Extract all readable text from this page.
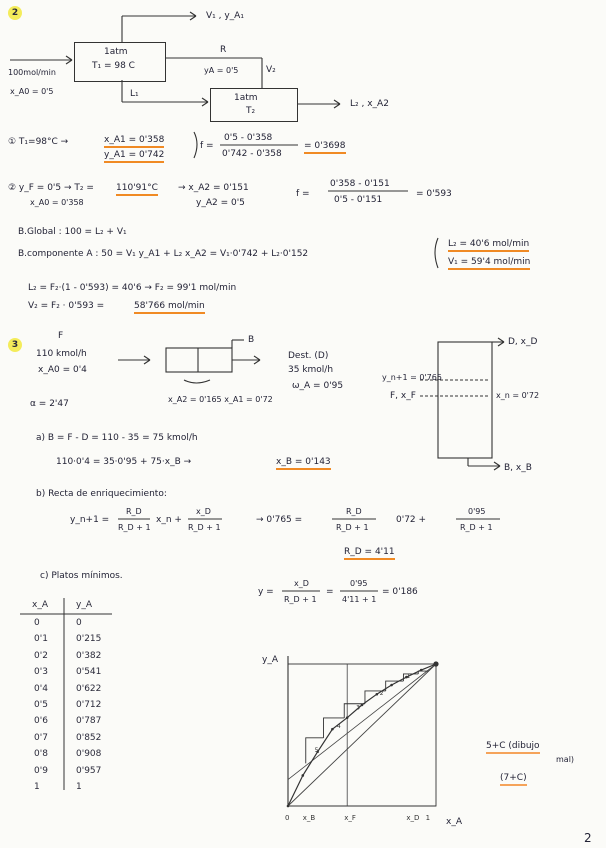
2	V₁ , y_A₁
1atm
T₁ = 98 C
100mol/min
x_A0 = 0'5
R
yA = 0'5	V₂
L₁	1atm
T₂
L₂ , x_A2
① T₁=98°C →	x_A1 = 0'358
y_A1 = 0'742
f =
0'5 - 0'358
0'742 - 0'358
= 0'3698
② y_F = 0'5 → T₂ = 110'91°C
x_A0 = 0'358
→ x_A2 = 0'151
y_A2 = 0'5
f =
0'358 - 0'151
0'5 - 0'151
= 0'593
B.Global : 100 = L₂ + V₁
B.componente A : 50 = V₁ y_A1 + L₂ x_A2 = V₁·0'742 + L₂·0'152
L₂ = 40'6 mol/min
V₁ = 59'4 mol/min
L₂ = F₂·(1 - 0'593) = 40'6 → F₂ = 99'1 mol/min
V₂ = F₂ · 0'593 =	58'766 mol/min
3
F
110 kmol/h
x_A0 = 0'4
α = 2'47
B
x_A2 = 0'165 x_A1 = 0'72
Dest. (D)
35 kmol/h
ω_A = 0'95
D, x_D
y_n+1 = 0'765
F, x_F	x_n = 0'72
B, x_B
a) B = F - D = 110 - 35 = 75 kmol/h
110·0'4 = 35·0'95 + 75·x_B →	x_B = 0'143
b) Recta de enriquecimiento:
y_n+1 =
R_D
R_D + 1
x_n +
x_D
R_D + 1
→ 0'765 =
R_D
R_D + 1
0'72 +
0'95
R_D + 1
R_D = 4'11
c) Platos mínimos.
y =
x_D
R_D + 1
=
0'95
4'11 + 1
= 0'186
x_A	y_A
0	0
0'1	0'215
0'2	0'382
0'3	0'541
0'4	0'622
0'5	0'712
0'6	0'787
0'7	0'852
0'8	0'908
0'9	0'957
1	1
1
2
3
4
5
0 x_B	x_F	x_D 1
y_A
x_A
5+C (dibujo
mal)
(7+C)
2
